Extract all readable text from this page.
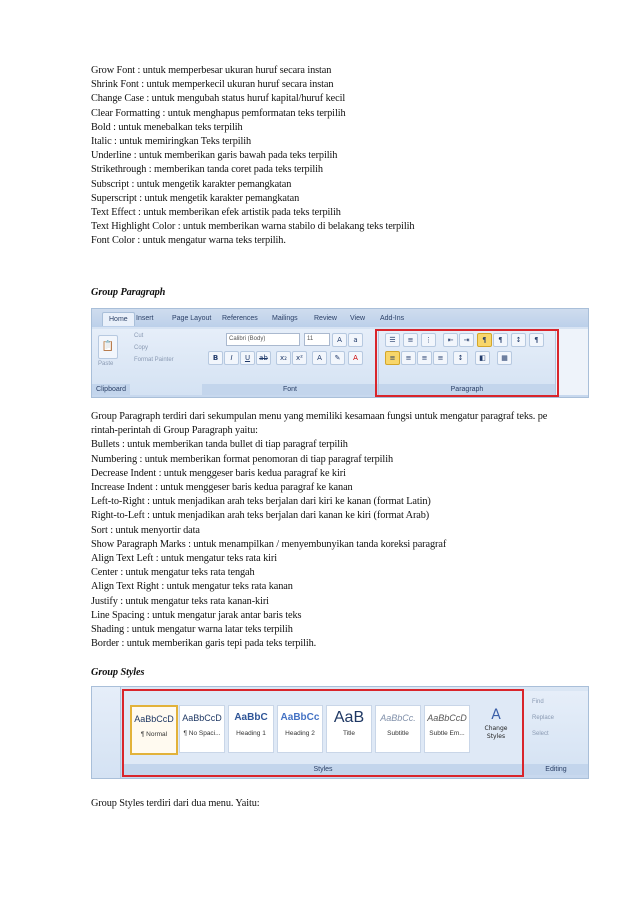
Grow Font : untuk memperbesar ukuran huruf secara instan
Shrink Font : untuk memperkecil ukuran huruf secara instan
Change Case : untuk mengubah status huruf kapital/huruf kecil
Clear Formatting : untuk menghapus pemformatan teks terpilih
Bold : untuk menebalkan teks terpilih
Italic : untuk memiringkan Teks terpilih
Underline : untuk memberikan garis bawah pada teks terpilih
Strikethrough : memberikan tanda coret pada teks terpilih
Subscript : untuk mengetik karakter pemangkatan
Superscript : untuk mengetik karakter pemangkatan
Text Effect : untuk memberikan efek artistik pada teks terpilih
Text Highlight Color : untuk memberikan warna stabilo di belakang teks terpilih
Font Color : untuk mengatur warna teks terpilih.
Group Paragraph
Group Paragraph terdiri dari sekumpulan menu yang memiliki kesamaan fungsi untuk mengatur paragraf teks. pe
rintah-perintah di Group Paragraph yaitu:
Bullets : untuk memberikan tanda bullet di tiap paragraf terpilih
Numbering : untuk memberikan format penomoran di tiap paragraf terpilih
Decrease Indent : untuk menggeser baris kedua paragraf ke kiri
Increase Indent : untuk menggeser baris kedua paragraf ke kanan
Left-to-Right : untuk menjadikan arah teks berjalan dari kiri ke kanan (format Latin)
Right-to-Left : untuk menjadikan arah teks berjalan dari kanan ke kiri (format Arab)
Sort : untuk menyortir data
Show Paragraph Marks : untuk menampilkan / menyembunyikan tanda koreksi paragraf
Align Text Left : untuk mengatur teks rata kiri
Center : untuk mengatur teks rata tengah
Align Text Right : untuk mengatur teks rata kanan
Justify : untuk mengatur teks rata kanan-kiri
Line Spacing : untuk mengatur jarak antar baris teks
Shading : untuk mengatur warna latar teks terpilih
Border : untuk memberikan garis tepi pada teks terpilih.
Group Styles
Group Styles terdiri dari dua menu. Yaitu:
Home	Insert	Page Layout References Mailings Review View Add-Ins
📋
Paste
Clipboard
Cut
Copy
Format Painter
Calibri (Body)	11	A	a
B	I	U	ab	x₂	x²	A	✎	A
Font
☰	≡	⋮	⇤	⇥	¶	¶	↕	¶
≡	≡	≡	≡	↕	◧	▦
Paragraph
AaBbCcD
¶ Normal
AaBbCcD
¶ No Spaci...
AaBbC
Heading 1
AaBbCc
Heading 2
AaB
Title
AaBbCc.
Subtitle
AaBbCcD
Subtle Em...
A
Change Styles
Styles
Find
Replace
Select
Editing
